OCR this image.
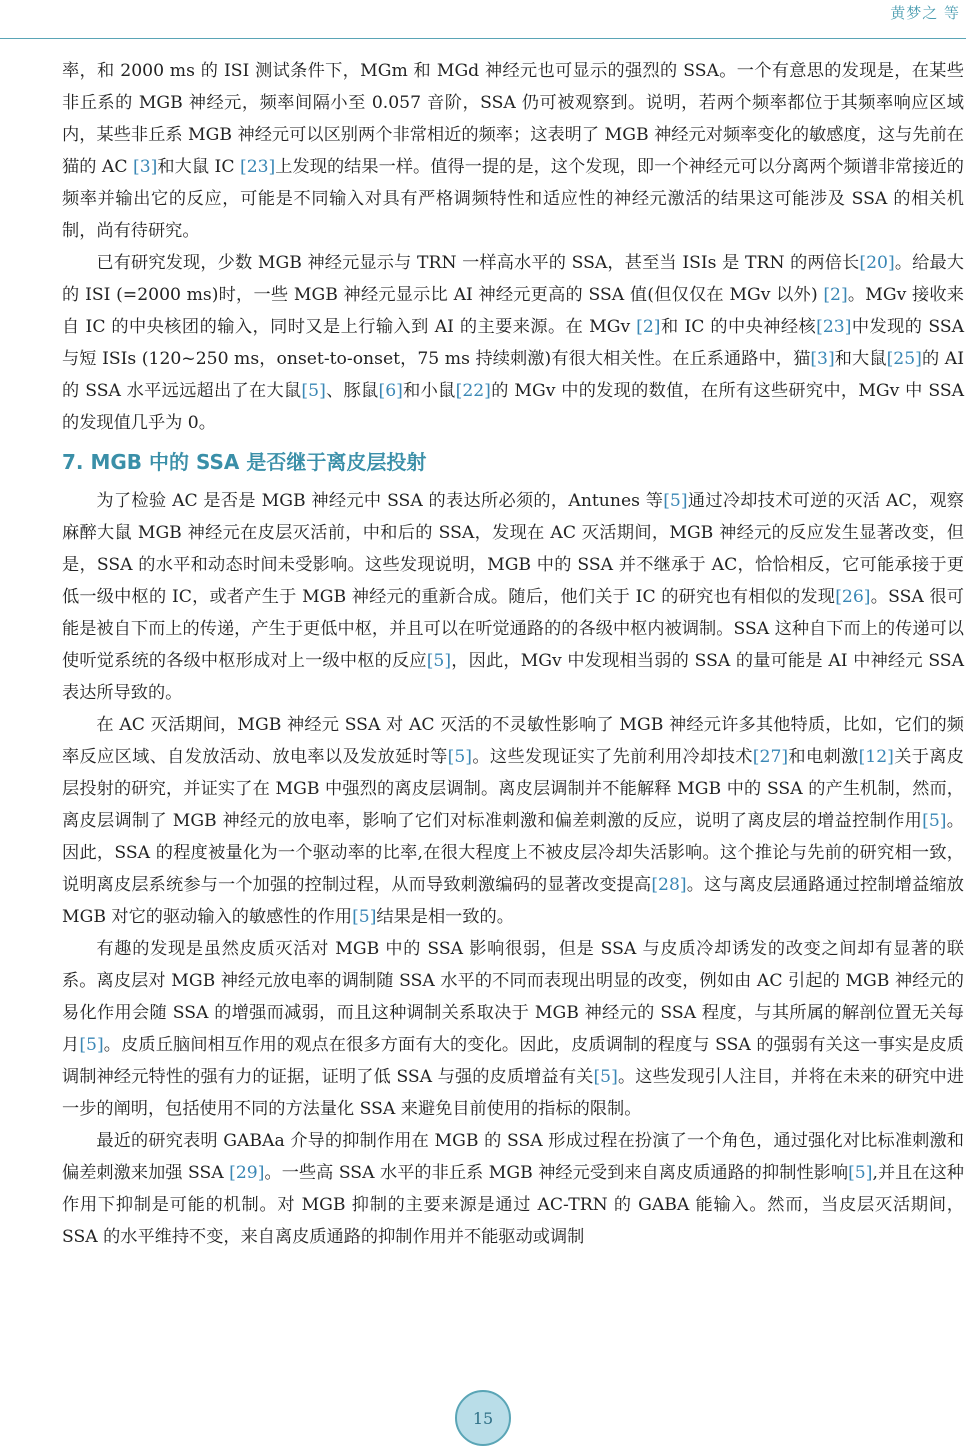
黄梦之 等

率，和 2000 ms 的 ISI 测试条件下，MGm 和 MGd 神经元也可显示的强烈的 SSA。一个有意思的发现是，在某些非丘系的 MGB 神经元，频率间隔小至 0.057 音阶，SSA 仍可被观察到。说明，若两个频率都位于其频率响应区域内，某些非丘系 MGB 神经元可以区别两个非常相近的频率；这表明了 MGB 神经元对频率变化的敏感度，这与先前在猫的 AC [3]和大鼠 IC [23]上发现的结果一样。值得一提的是，这个发现，即一个神经元可以分离两个频谱非常接近的频率并输出它的反应，可能是不同输入对具有严格调频特性和适应性的神经元激活的结果这可能涉及 SSA 的相关机制，尚有待研究。

已有研究发现，少数 MGB 神经元显示与 TRN 一样高水平的 SSA，甚至当 ISIs 是 TRN 的两倍长[20]。给最大的 ISI (=2000 ms)时，一些 MGB 神经元显示比 AI 神经元更高的 SSA 值(但仅仅在 MGv 以外) [2]。MGv 接收来自 IC 的中央核团的输入，同时又是上行输入到 AI 的主要来源。在 MGv [2]和 IC 的中央神经核[23]中发现的 SSA 与短 ISIs (120~250 ms，onset-to-onset，75 ms 持续刺激)有很大相关性。在丘系通路中，猫[3]和大鼠[25]的 AI 的 SSA 水平远远超出了在大鼠[5]、豚鼠[6]和小鼠[22]的 MGv 中的发现的数值，在所有这些研究中，MGv 中 SSA 的发现值几乎为 0。

7. MGB 中的 SSA 是否继于离皮层投射

为了检验 AC 是否是 MGB 神经元中 SSA 的表达所必须的，Antunes 等[5]通过冷却技术可逆的灭活 AC，观察麻醉大鼠 MGB 神经元在皮层灭活前，中和后的 SSA，发现在 AC 灭活期间，MGB 神经元的反应发生显著改变，但是，SSA 的水平和动态时间未受影响。这些发现说明，MGB 中的 SSA 并不继承于 AC，恰恰相反，它可能承接于更低一级中枢的 IC，或者产生于 MGB 神经元的重新合成。随后，他们关于 IC 的研究也有相似的发现[26]。SSA 很可能是被自下而上的传递，产生于更低中枢，并且可以在听觉通路的的各级中枢内被调制。SSA 这种自下而上的传递可以使听觉系统的各级中枢形成对上一级中枢的反应[5]，因此，MGv 中发现相当弱的 SSA 的量可能是 AI 中神经元 SSA 表达所导致的。

在 AC 灭活期间，MGB 神经元 SSA 对 AC 灭活的不灵敏性影响了 MGB 神经元许多其他特质，比如，它们的频率反应区域、自发放活动、放电率以及发放延时等[5]。这些发现证实了先前利用冷却技术[27]和电刺激[12]关于离皮层投射的研究，并证实了在 MGB 中强烈的离皮层调制。离皮层调制并不能解释 MGB 中的 SSA 的产生机制，然而，离皮层调制了 MGB 神经元的放电率，影响了它们对标准刺激和偏差刺激的反应，说明了离皮层的增益控制作用[5]。因此，SSA 的程度被量化为一个驱动率的比率,在很大程度上不被皮层冷却失活影响。这个推论与先前的研究相一致，说明离皮层系统参与一个加强的控制过程，从而导致刺激编码的显著改变提高[28]。这与离皮层通路通过控制增益缩放 MGB 对它的驱动输入的敏感性的作用[5]结果是相一致的。

有趣的发现是虽然皮质灭活对 MGB 中的 SSA 影响很弱，但是 SSA 与皮质冷却诱发的改变之间却有显著的联系。离皮层对 MGB 神经元放电率的调制随 SSA 水平的不同而表现出明显的改变，例如由 AC 引起的 MGB 神经元的易化作用会随 SSA 的增强而减弱，而且这种调制关系取决于 MGB 神经元的 SSA 程度，与其所属的解剖位置无关每月[5]。皮质丘脑间相互作用的观点在很多方面有大的变化。因此，皮质调制的程度与 SSA 的强弱有关这一事实是皮质调制神经元特性的强有力的证据，证明了低 SSA 与强的皮质增益有关[5]。这些发现引人注目，并将在未来的研究中进一步的阐明，包括使用不同的方法量化 SSA 来避免目前使用的指标的限制。

最近的研究表明 GABAa 介导的抑制作用在 MGB 的 SSA 形成过程在扮演了一个角色，通过强化对比标准刺激和偏差刺激来加强 SSA [29]。一些高 SSA 水平的非丘系 MGB 神经元受到来自离皮质通路的抑制性影响[5],并且在这种作用下抑制是可能的机制。对 MGB 抑制的主要来源是通过 AC-TRN 的 GABA 能输入。然而，当皮层灭活期间，SSA 的水平维持不变，来自离皮质通路的抑制作用并不能驱动或调制

15
